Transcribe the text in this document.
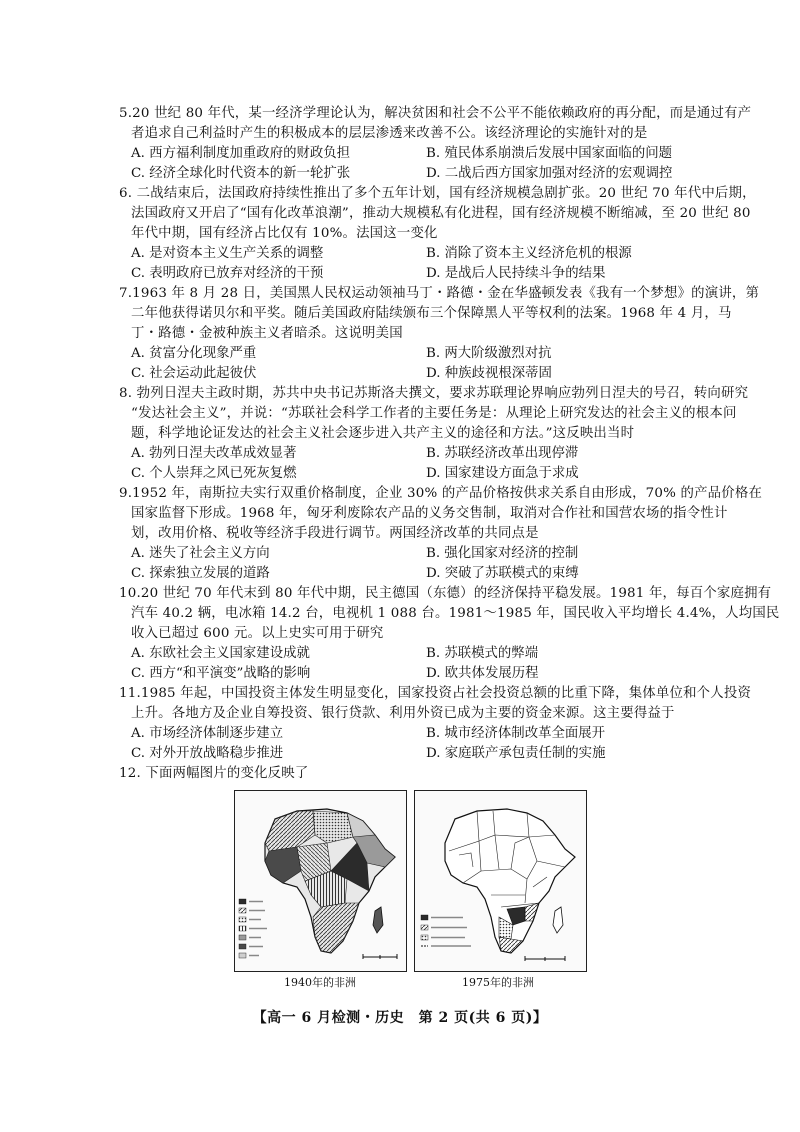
5.20 世纪 80 年代，某一经济学理论认为，解决贫困和社会不公平不能依赖政府的再分配，而是通过有产
者追求自己利益时产生的积极成本的层层渗透来改善不公。该经济理论的实施针对的是
A. 西方福利制度加重政府的财政负担	B. 殖民体系崩溃后发展中国家面临的问题
C. 经济全球化时代资本的新一轮扩张	D. 二战后西方国家加强对经济的宏观调控
6. 二战结束后，法国政府持续性推出了多个五年计划，国有经济规模急剧扩张。20 世纪 70 年代中后期，
法国政府又开启了“国有化改革浪潮”，推动大规模私有化进程，国有经济规模不断缩减，至 20 世纪 80
年代中期，国有经济占比仅有 10%。法国这一变化
A. 是对资本主义生产关系的调整	B. 消除了资本主义经济危机的根源
C. 表明政府已放弃对经济的干预	D. 是战后人民持续斗争的结果
7.1963 年 8 月 28 日，美国黑人民权运动领袖马丁・路德・金在华盛顿发表《我有一个梦想》的演讲，第
二年他获得诺贝尔和平奖。随后美国政府陆续颁布三个保障黑人平等权利的法案。1968 年 4 月，马
丁・路德・金被种族主义者暗杀。这说明美国
A. 贫富分化现象严重	B. 两大阶级激烈对抗
C. 社会运动此起彼伏	D. 种族歧视根深蒂固
8. 勃列日涅夫主政时期，苏共中央书记苏斯洛夫撰文，要求苏联理论界响应勃列日涅夫的号召，转向研究
“发达社会主义”，并说：“苏联社会科学工作者的主要任务是：从理论上研究发达的社会主义的根本问
题，科学地论证发达的社会主义社会逐步进入共产主义的途径和方法。”这反映出当时
A. 勃列日涅夫改革成效显著	B. 苏联经济改革出现停滞
C. 个人崇拜之风已死灰复燃	D. 国家建设方面急于求成
9.1952 年，南斯拉夫实行双重价格制度，企业 30% 的产品价格按供求关系自由形成，70% 的产品价格在
国家监督下形成。1968 年，匈牙利废除农产品的义务交售制，取消对合作社和国营农场的指令性计
划，改用价格、税收等经济手段进行调节。两国经济改革的共同点是
A. 迷失了社会主义方向	B. 强化国家对经济的控制
C. 探索独立发展的道路	D. 突破了苏联模式的束缚
10.20 世纪 70 年代末到 80 年代中期，民主德国（东德）的经济保持平稳发展。1981 年，每百个家庭拥有
汽车 40.2 辆，电冰箱 14.2 台，电视机 1 088 台。1981～1985 年，国民收入平均增长 4.4%，人均国民
收入已超过 600 元。以上史实可用于研究
A. 东欧社会主义国家建设成就	B. 苏联模式的弊端
C. 西方“和平演变”战略的影响	D. 欧共体发展历程
11.1985 年起，中国投资主体发生明显变化，国家投资占社会投资总额的比重下降，集体单位和个人投资
上升。各地方及企业自筹投资、银行贷款、利用外资已成为主要的资金来源。这主要得益于
A. 市场经济体制逐步建立	B. 城市经济体制改革全面展开
C. 对外开放战略稳步推进	D. 家庭联产承包责任制的实施
12. 下面两幅图片的变化反映了
1940年的非洲	1975年的非洲
【高一 6 月检测・历史　第 2 页(共 6 页)】
